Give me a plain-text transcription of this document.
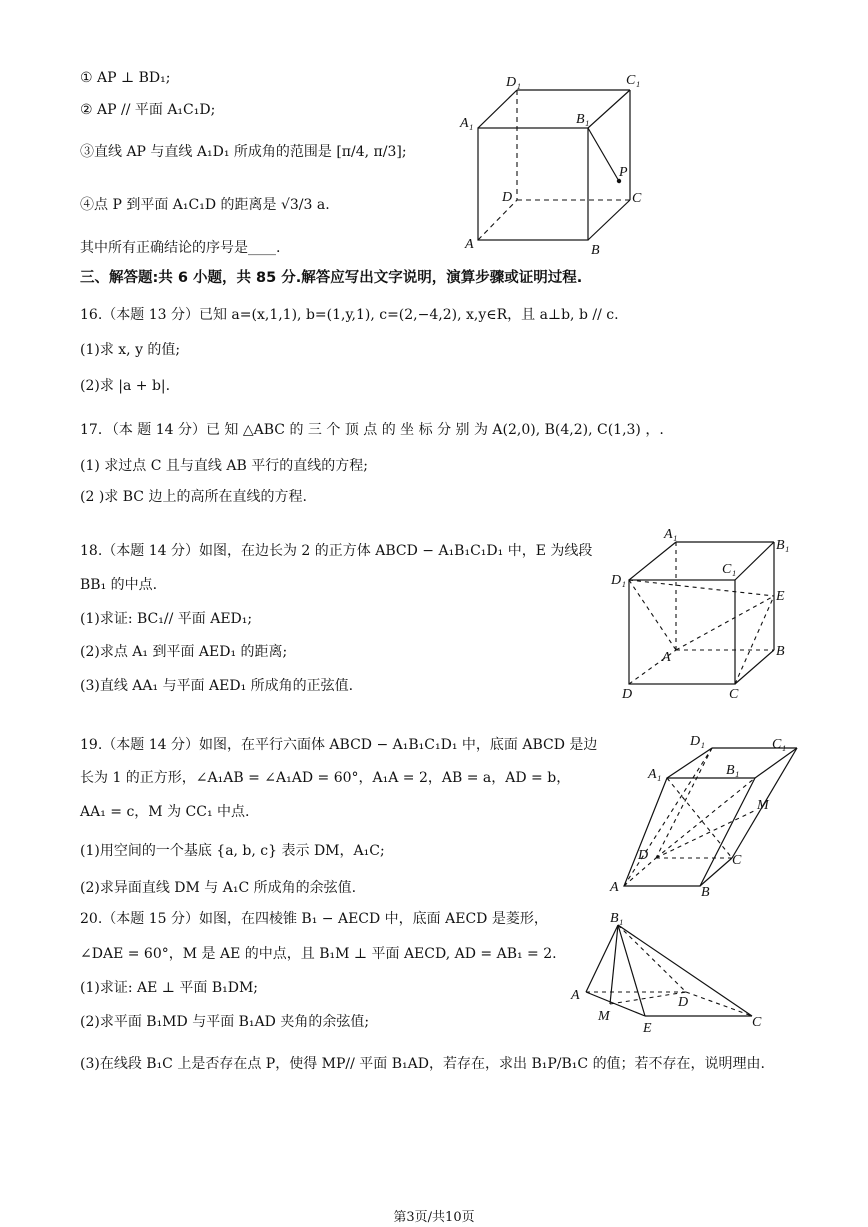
① AP ⊥ BD₁;
② AP // 平面 A₁C₁D;
③直线 AP 与直线 A₁D₁ 所成角的范围是 [π/4, π/3];
④点 P 到平面 A₁C₁D 的距离是 √3/3 a.
其中所有正确结论的序号是____.
D₁	C₁
A₁	B₁
P
D	C
A	B
三、解答题:共 6 小题，共 85 分.解答应写出文字说明，演算步骤或证明过程.
16.（本题 13 分）已知 a=(x,1,1), b=(1,y,1), c=(2,−4,2), x,y∈R，且 a⊥b, b // c.
(1)求 x, y 的值;
(2)求 |a + b|.
17．（本 题 14 分）已 知 △ABC 的 三 个 顶 点 的 坐 标 分 别 为 A(2,0), B(4,2), C(1,3) ，.
(1) 求过点 C 且与直线 AB 平行的直线的方程;
(2 )求 BC 边上的高所在直线的方程.
18.（本题 14 分）如图，在边长为 2 的正方体 ABCD − A₁B₁C₁D₁ 中，E 为线段
BB₁ 的中点.
(1)求证: BC₁// 平面 AED₁;
(2)求点 A₁ 到平面 AED₁ 的距离;
(3)直线 AA₁ 与平面 AED₁ 所成角的正弦值.
A₁
B₁
D₁
C₁
E
A	B
D	C
19.（本题 14 分）如图，在平行六面体 ABCD − A₁B₁C₁D₁ 中，底面 ABCD 是边
长为 1 的正方形，∠A₁AB = ∠A₁AD = 60°，A₁A = 2，AB = a，AD = b，
AA₁ = c，M 为 CC₁ 中点.
(1)用空间的一个基底 {a, b, c} 表示 DM，A₁C;
(2)求异面直线 DM 与 A₁C 所成角的余弦值.
D₁	C₁
A₁	B₁
M
D	C
A	B
20.（本题 15 分）如图，在四棱锥 B₁ − AECD 中，底面 AECD 是菱形，
∠DAE = 60°，M 是 AE 的中点，且 B₁M ⊥ 平面 AECD, AD = AB₁ = 2.
(1)求证: AE ⊥ 平面 B₁DM;
(2)求平面 B₁MD 与平面 B₁AD 夹角的余弦值;
(3)在线段 B₁C 上是否存在点 P，使得 MP// 平面 B₁AD，若存在，求出 B₁P/B₁C 的值；若不存在，说明理由.
B₁
A	D
M
E	C
第3页/共10页
